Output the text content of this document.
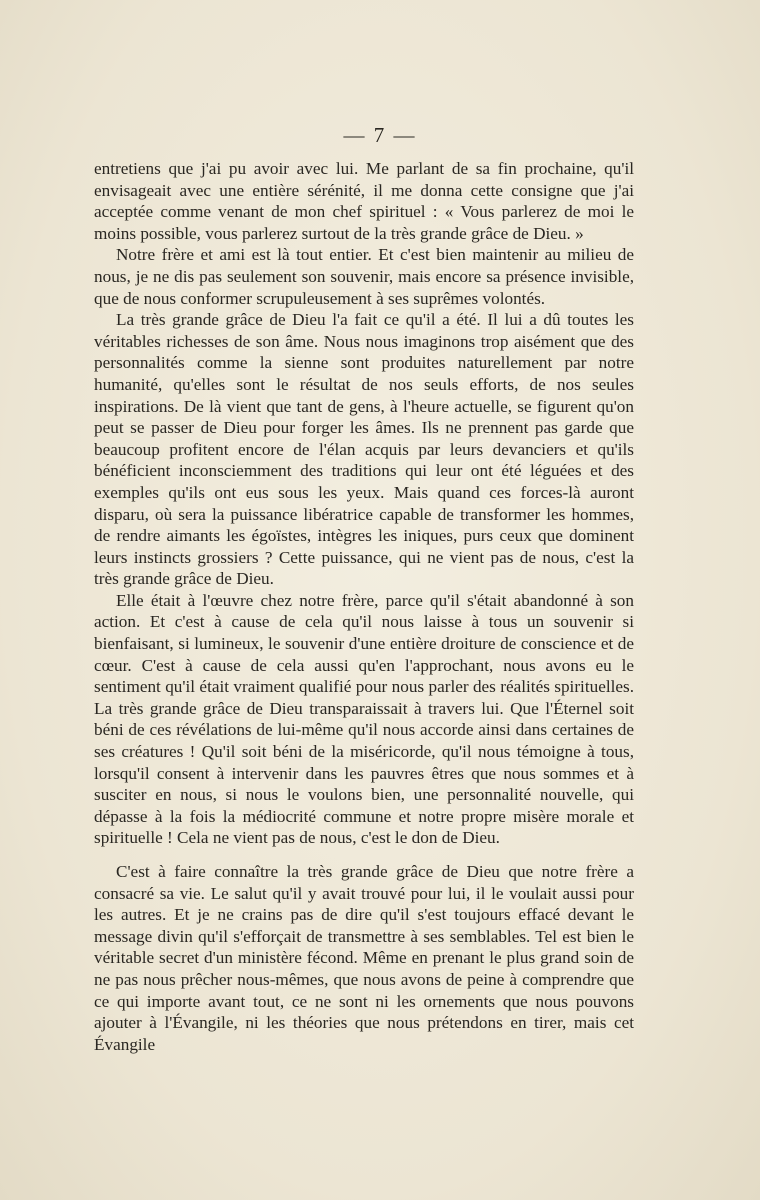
— 7 —

entretiens que j'ai pu avoir avec lui. Me parlant de sa fin prochaine, qu'il envisageait avec une entière sérénité, il me donna cette consigne que j'ai acceptée comme venant de mon chef spirituel : « Vous parlerez de moi le moins possible, vous parlerez surtout de la très grande grâce de Dieu. »

Notre frère et ami est là tout entier. Et c'est bien maintenir au milieu de nous, je ne dis pas seulement son souvenir, mais encore sa présence invisible, que de nous conformer scrupuleusement à ses suprêmes volontés.

La très grande grâce de Dieu l'a fait ce qu'il a été. Il lui a dû toutes les véritables richesses de son âme. Nous nous imaginons trop aisément que des personnalités comme la sienne sont produites naturellement par notre humanité, qu'elles sont le résultat de nos seuls efforts, de nos seules inspirations. De là vient que tant de gens, à l'heure actuelle, se figurent qu'on peut se passer de Dieu pour forger les âmes. Ils ne prennent pas garde que beaucoup profitent encore de l'élan acquis par leurs devanciers et qu'ils bénéficient inconsciemment des traditions qui leur ont été léguées et des exemples qu'ils ont eus sous les yeux. Mais quand ces forces-là auront disparu, où sera la puissance libératrice capable de transformer les hommes, de rendre aimants les égoïstes, intègres les iniques, purs ceux que dominent leurs instincts grossiers ? Cette puissance, qui ne vient pas de nous, c'est la très grande grâce de Dieu.

Elle était à l'œuvre chez notre frère, parce qu'il s'était abandonné à son action. Et c'est à cause de cela qu'il nous laisse à tous un souvenir si bienfaisant, si lumineux, le souvenir d'une entière droiture de conscience et de cœur. C'est à cause de cela aussi qu'en l'approchant, nous avons eu le sentiment qu'il était vraiment qualifié pour nous parler des réalités spirituelles. La très grande grâce de Dieu transparaissait à travers lui. Que l'Éternel soit béni de ces révélations de lui-même qu'il nous accorde ainsi dans certaines de ses créatures ! Qu'il soit béni de la miséricorde, qu'il nous témoigne à tous, lorsqu'il consent à intervenir dans les pauvres êtres que nous sommes et à susciter en nous, si nous le voulons bien, une personnalité nouvelle, qui dépasse à la fois la médiocrité commune et notre propre misère morale et spirituelle ! Cela ne vient pas de nous, c'est le don de Dieu.

C'est à faire connaître la très grande grâce de Dieu que notre frère a consacré sa vie. Le salut qu'il y avait trouvé pour lui, il le voulait aussi pour les autres. Et je ne crains pas de dire qu'il s'est toujours effacé devant le message divin qu'il s'efforçait de transmettre à ses semblables. Tel est bien le véritable secret d'un ministère fécond. Même en prenant le plus grand soin de ne pas nous prêcher nous-mêmes, que nous avons de peine à comprendre que ce qui importe avant tout, ce ne sont ni les ornements que nous pouvons ajouter à l'Évangile, ni les théories que nous prétendons en tirer, mais cet Évangile
